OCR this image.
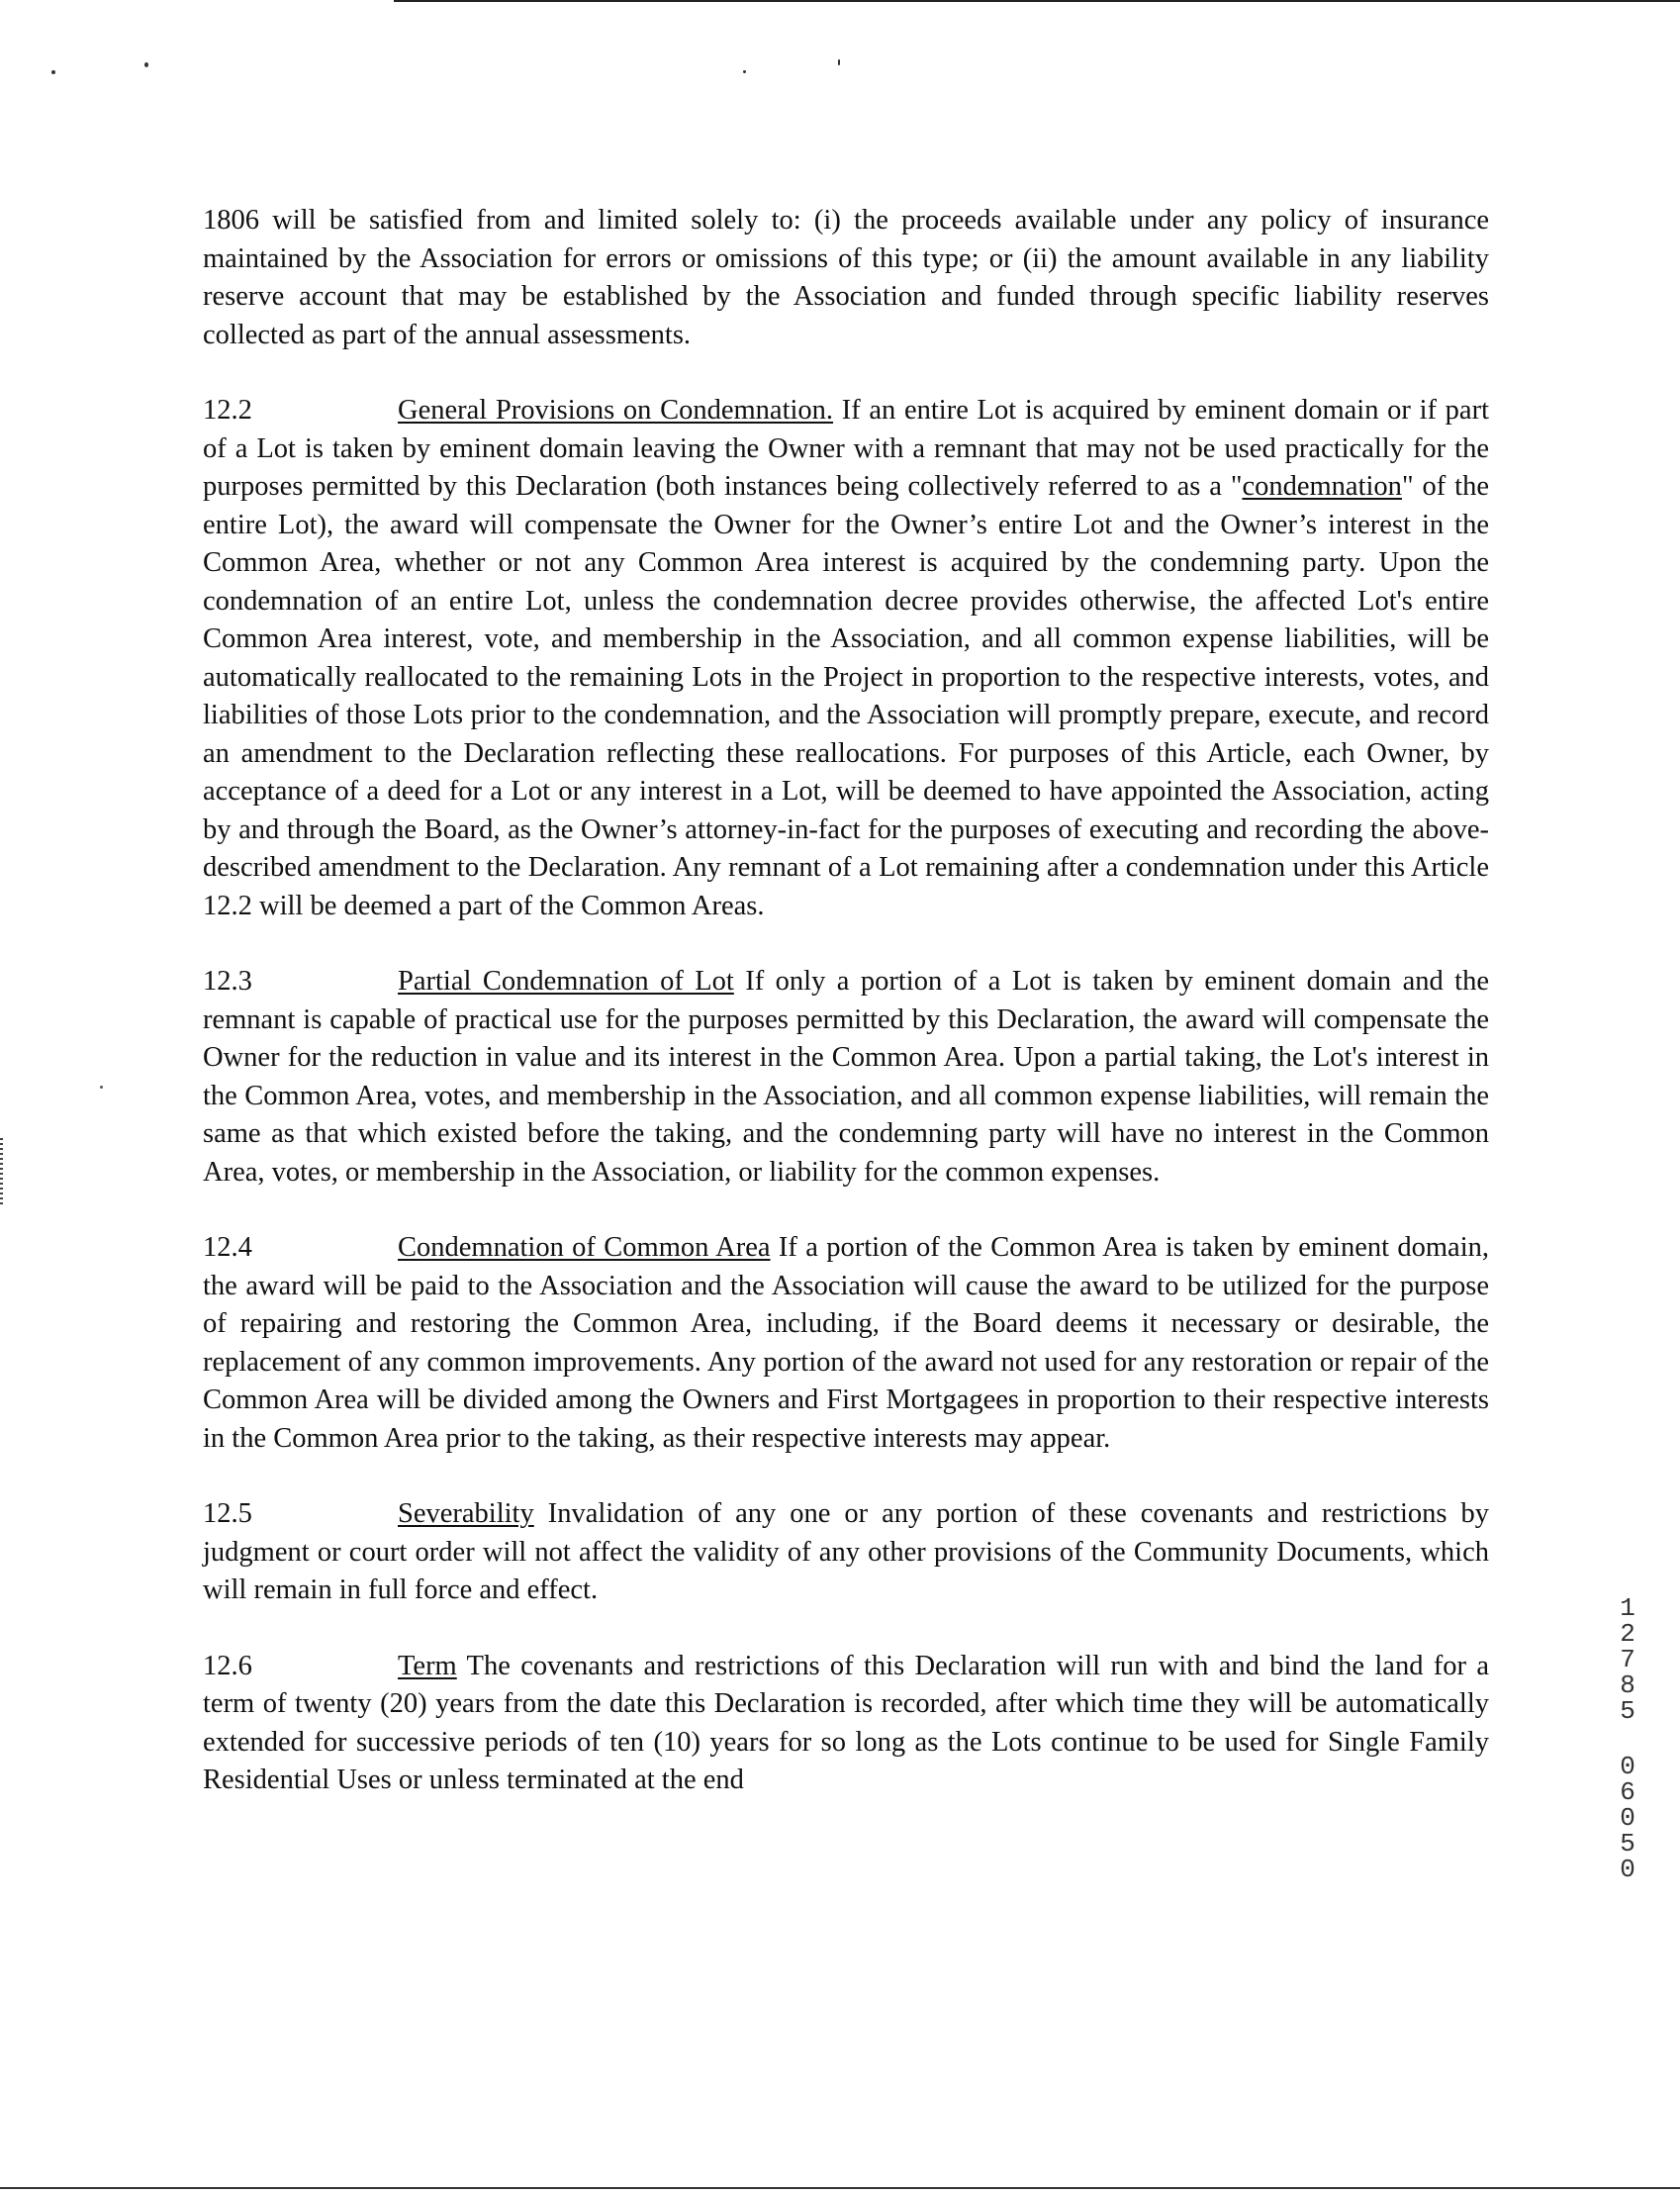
1806 will be satisfied from and limited solely to: (i) the proceeds available under any policy of insurance maintained by the Association for errors or omissions of this type; or (ii) the amount available in any liability reserve account that may be established by the Association and funded through specific liability reserves collected as part of the annual assessments.

12.2	General Provisions on Condemnation. If an entire Lot is acquired by eminent domain or if part of a Lot is taken by eminent domain leaving the Owner with a remnant that may not be used practically for the purposes permitted by this Declaration (both instances being collectively referred to as a "condemnation" of the entire Lot), the award will compensate the Owner for the Owner’s entire Lot and the Owner’s interest in the Common Area, whether or not any Common Area interest is acquired by the condemning party. Upon the condemnation of an entire Lot, unless the condemnation decree provides otherwise, the affected Lot's entire Common Area interest, vote, and membership in the Association, and all common expense liabilities, will be automatically reallocated to the remaining Lots in the Project in proportion to the respective interests, votes, and liabilities of those Lots prior to the condemnation, and the Association will promptly prepare, execute, and record an amendment to the Declaration reflecting these reallocations. For purposes of this Article, each Owner, by acceptance of a deed for a Lot or any interest in a Lot, will be deemed to have appointed the Association, acting by and through the Board, as the Owner’s attorney-in-fact for the purposes of executing and recording the above-described amendment to the Declaration. Any remnant of a Lot remaining after a condemnation under this Article 12.2 will be deemed a part of the Common Areas.

12.3	Partial Condemnation of Lot If only a portion of a Lot is taken by eminent domain and the remnant is capable of practical use for the purposes permitted by this Declaration, the award will compensate the Owner for the reduction in value and its interest in the Common Area. Upon a partial taking, the Lot's interest in the Common Area, votes, and membership in the Association, and all common expense liabilities, will remain the same as that which existed before the taking, and the condemning party will have no interest in the Common Area, votes, or membership in the Association, or liability for the common expenses.

12.4	Condemnation of Common Area If a portion of the Common Area is taken by eminent domain, the award will be paid to the Association and the Association will cause the award to be utilized for the purpose of repairing and restoring the Common Area, including, if the Board deems it necessary or desirable, the replacement of any common improvements. Any portion of the award not used for any restoration or repair of the Common Area will be divided among the Owners and First Mortgagees in proportion to their respective interests in the Common Area prior to the taking, as their respective interests may appear.

12.5	Severability Invalidation of any one or any portion of these covenants and restrictions by judgment or court order will not affect the validity of any other provisions of the Community Documents, which will remain in full force and effect.

12.6	Term The covenants and restrictions of this Declaration will run with and bind the land for a term of twenty (20) years from the date this Declaration is recorded, after which time they will be automatically extended for successive periods of ten (10) years for so long as the Lots continue to be used for Single Family Residential Uses or unless terminated at the end

1
2
7
8
5
0
6
0
5
0
